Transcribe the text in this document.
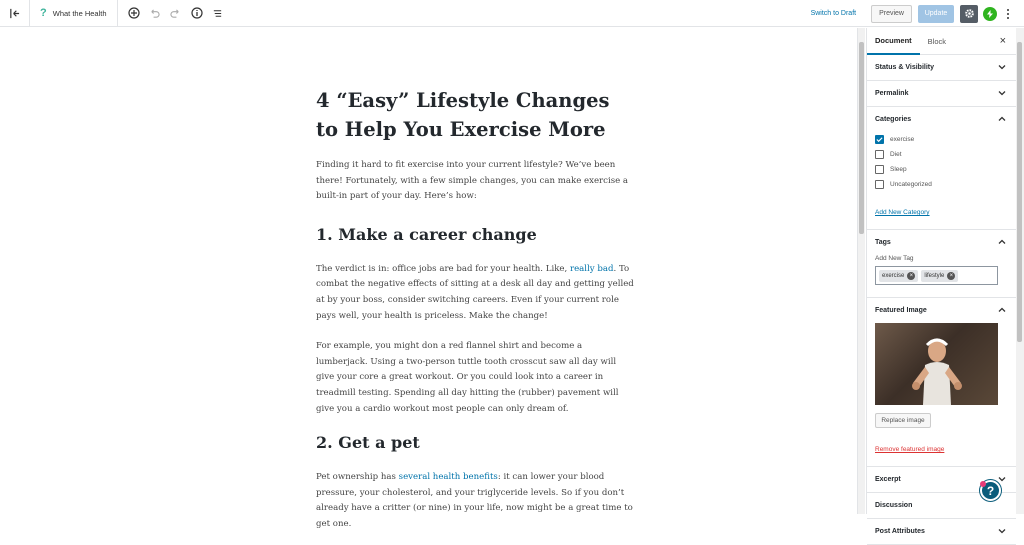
? What the Health	Switch to Draft	Preview	Update
4 “Easy” Lifestyle Changes to Help You Exercise More

Finding it hard to fit exercise into your current lifestyle? We’ve been there! Fortunately, with a few simple changes, you can make exercise a built-in part of your day. Here’s how:

1. Make a career change

The verdict is in: office jobs are bad for your health. Like, really bad. To combat the negative effects of sitting at a desk all day and getting yelled at by your boss, consider switching careers. Even if your current role pays well, your health is priceless. Make the change!

For example, you might don a red flannel shirt and become a lumberjack. Using a two-person tuttle tooth crosscut saw all day will give your core a great workout. Or you could look into a career in treadmill testing. Spending all day hitting the (rubber) pavement will give you a cardio workout most people can only dream of.

2. Get a pet

Pet ownership has several health benefits: it can lower your blood pressure, your cholesterol, and your triglyceride levels. So if you don’t already have a critter (or nine) in your life, now might be a great time to get one.

Document	Block	×
Status & Visibility
Permalink
Categories
exercise
Diet
Sleep
Uncategorized
Add New Category
Tags
Add New Tag
exercise ×	lifestyle ×
Featured Image
Replace image
Remove featured image
Excerpt
Discussion
Post Attributes
?
